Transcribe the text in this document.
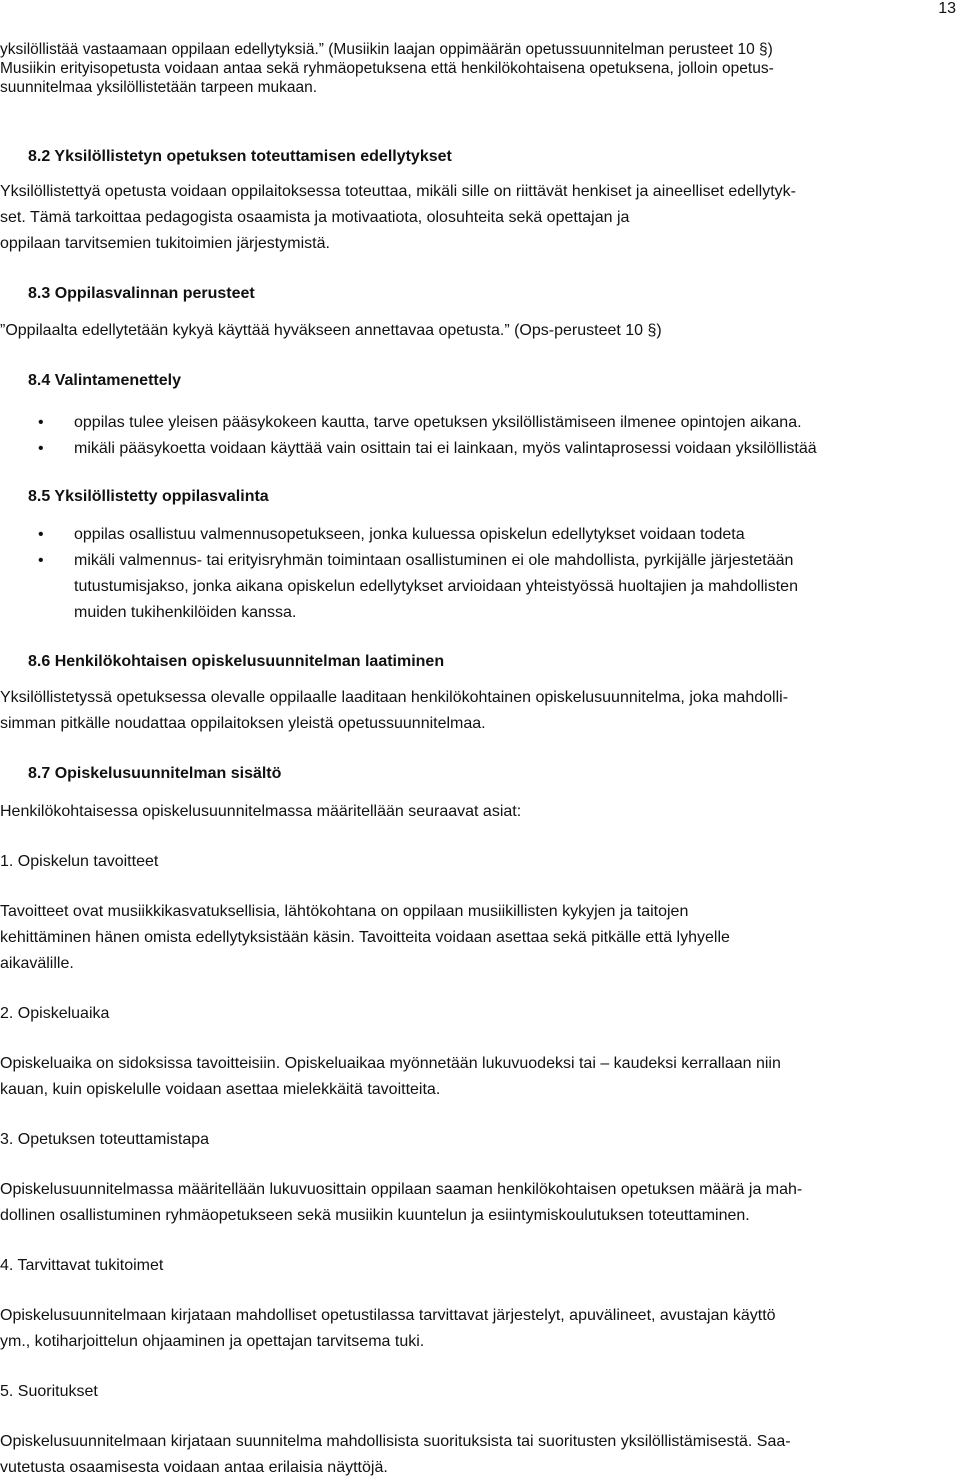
13
yksilöllistää vastaamaan oppilaan edellytyksiä.” (Musiikin laajan oppimäärän opetussuunnitelman perusteet 10 §)
Musiikin erityisopetusta voidaan antaa sekä ryhmäopetuksena että henkilökohtaisena opetuksena, jolloin opetus-
suunnitelmaa yksilöllistetään tarpeen mukaan.
8.2 Yksilöllistetyn opetuksen toteuttamisen edellytykset
Yksilöllistettyä opetusta voidaan oppilaitoksessa toteuttaa, mikäli sille on riittävät henkiset ja aineelliset edellytyk-
set. Tämä tarkoittaa pedagogista osaamista ja motivaatiota, olosuhteita sekä opettajan ja
oppilaan tarvitsemien tukitoimien järjestymistä.
8.3 Oppilasvalinnan perusteet
”Oppilaalta edellytetään kykyä käyttää hyväkseen annettavaa opetusta.” (Ops-perusteet 10 §)
8.4 Valintamenettely
• oppilas tulee yleisen pääsykokeen kautta, tarve opetuksen yksilöllistämiseen ilmenee opintojen aikana.
• mikäli pääsykoetta voidaan käyttää vain osittain tai ei lainkaan, myös valintaprosessi voidaan yksilöllistää
8.5 Yksilöllistetty oppilasvalinta
• oppilas osallistuu valmennusopetukseen, jonka kuluessa opiskelun edellytykset voidaan todeta
• mikäli valmennus- tai erityisryhmän toimintaan osallistuminen ei ole mahdollista, pyrkijälle järjestetään
tutustumisjakso, jonka aikana opiskelun edellytykset arvioidaan yhteistyössä huoltajien ja mahdollisten
muiden tukihenkilöiden kanssa.
8.6 Henkilökohtaisen opiskelusuunnitelman laatiminen
Yksilöllistetyssä opetuksessa olevalle oppilaalle laaditaan henkilökohtainen opiskelusuunnitelma, joka mahdolli-
simman pitkälle noudattaa oppilaitoksen yleistä opetussuunnitelmaa.
8.7 Opiskelusuunnitelman sisältö
Henkilökohtaisessa opiskelusuunnitelmassa määritellään seuraavat asiat:
1. Opiskelun tavoitteet
Tavoitteet ovat musiikkikasvatuksellisia, lähtökohtana on oppilaan musiikillisten kykyjen ja taitojen
kehittäminen hänen omista edellytyksistään käsin. Tavoitteita voidaan asettaa sekä pitkälle että lyhyelle
aikavälille.
2. Opiskeluaika
Opiskeluaika on sidoksissa tavoitteisiin. Opiskeluaikaa myönnetään lukuvuodeksi tai – kaudeksi kerrallaan niin
kauan, kuin opiskelulle voidaan asettaa mielekkäitä tavoitteita.
3. Opetuksen toteuttamistapa
Opiskelusuunnitelmassa määritellään lukuvuosittain oppilaan saaman henkilökohtaisen opetuksen määrä ja mah-
dollinen osallistuminen ryhmäopetukseen sekä musiikin kuuntelun ja esiintymiskoulutuksen toteuttaminen.
4. Tarvittavat tukitoimet
Opiskelusuunnitelmaan kirjataan mahdolliset opetustilassa tarvittavat järjestelyt, apuvälineet, avustajan käyttö
ym., kotiharjoittelun ohjaaminen ja opettajan tarvitsema tuki.
5. Suoritukset
Opiskelusuunnitelmaan kirjataan suunnitelma mahdollisista suorituksista tai suoritusten yksilöllistämisestä. Saa-
vutetusta osaamisesta voidaan antaa erilaisia näyttöjä.
